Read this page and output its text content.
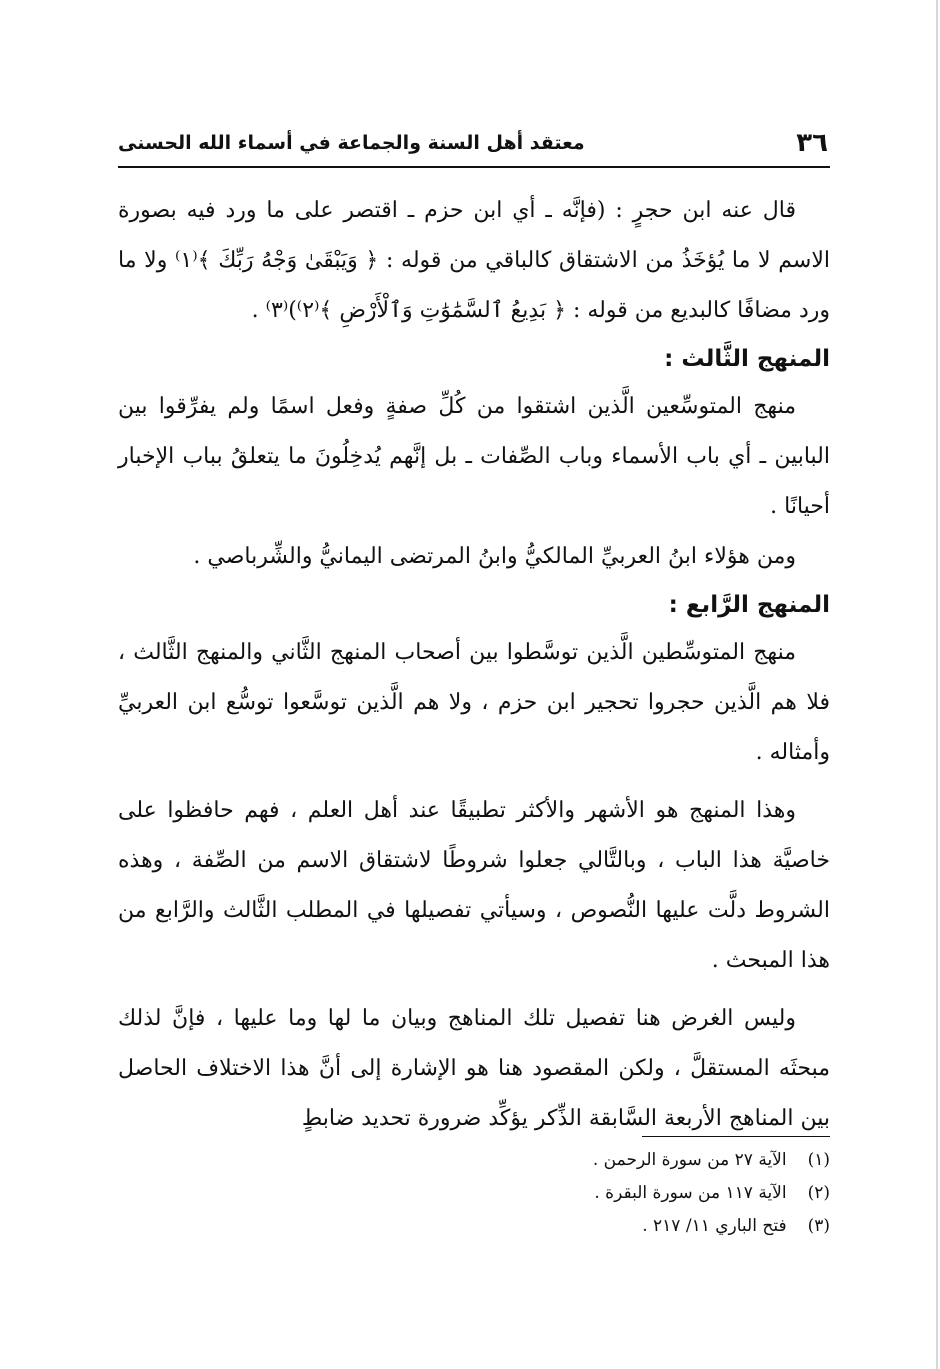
٣٦
معتقد أهل السنة والجماعة في أسماء الله الحسنى

قال عنه ابن حجرٍ : (فإنَّه ـ أي ابن حزم ـ اقتصر على ما ورد فيه بصورة الاسم لا ما يُؤخَذُ من الاشتقاق كالباقي من قوله : ﴿ وَيَبْقَىٰ وَجْهُ رَبِّكَ ﴾⁽١⁾ ولا ما ورد مضافًا كالبديع من قوله : ﴿ بَدِيعُ ٱلسَّمَٰوَٰتِ وَٱلْأَرْضِ ﴾⁽٢⁾)⁽٣⁾ .

المنهج الثَّالث :

منهج المتوسِّعين الَّذين اشتقوا من كُلِّ صفةٍ وفعل اسمًا ولم يفرِّقوا بين البابين ـ أي باب الأسماء وباب الصِّفات ـ بل إنَّهم يُدخِلُونَ ما يتعلقُ بباب الإخبار أحيانًا .

ومن هؤلاء ابنُ العربيِّ المالكيُّ وابنُ المرتضى اليمانيُّ والشِّرباصي .

المنهج الرَّابع :

منهج المتوسِّطين الَّذين توسَّطوا بين أصحاب المنهج الثَّاني والمنهج الثَّالث ، فلا هم الَّذين حجروا تحجير ابن حزم ، ولا هم الَّذين توسَّعوا توسُّع ابن العربيِّ وأمثاله .

وهذا المنهج هو الأشهر والأكثر تطبيقًا عند أهل العلم ، فهم حافظوا على خاصيَّة هذا الباب ، وبالتَّالي جعلوا شروطًا لاشتقاق الاسم من الصِّفة ، وهذه الشروط دلَّت عليها النُّصوص ، وسيأتي تفصيلها في المطلب الثَّالث والرَّابع من هذا المبحث .

وليس الغرض هنا تفصيل تلك المناهج وبيان ما لها وما عليها ، فإنَّ لذلك مبحثَه المستقلَّ ، ولكن المقصود هنا هو الإشارة إلى أنَّ هذا الاختلاف الحاصل بين المناهج الأربعة السَّابقة الذِّكر يؤكِّد ضرورة تحديد ضابطٍ

(١) الآية ٢٧ من سورة الرحمن .

(٢) الآية ١١٧ من سورة البقرة .

(٣) فتح الباري ١١/ ٢١٧ .
